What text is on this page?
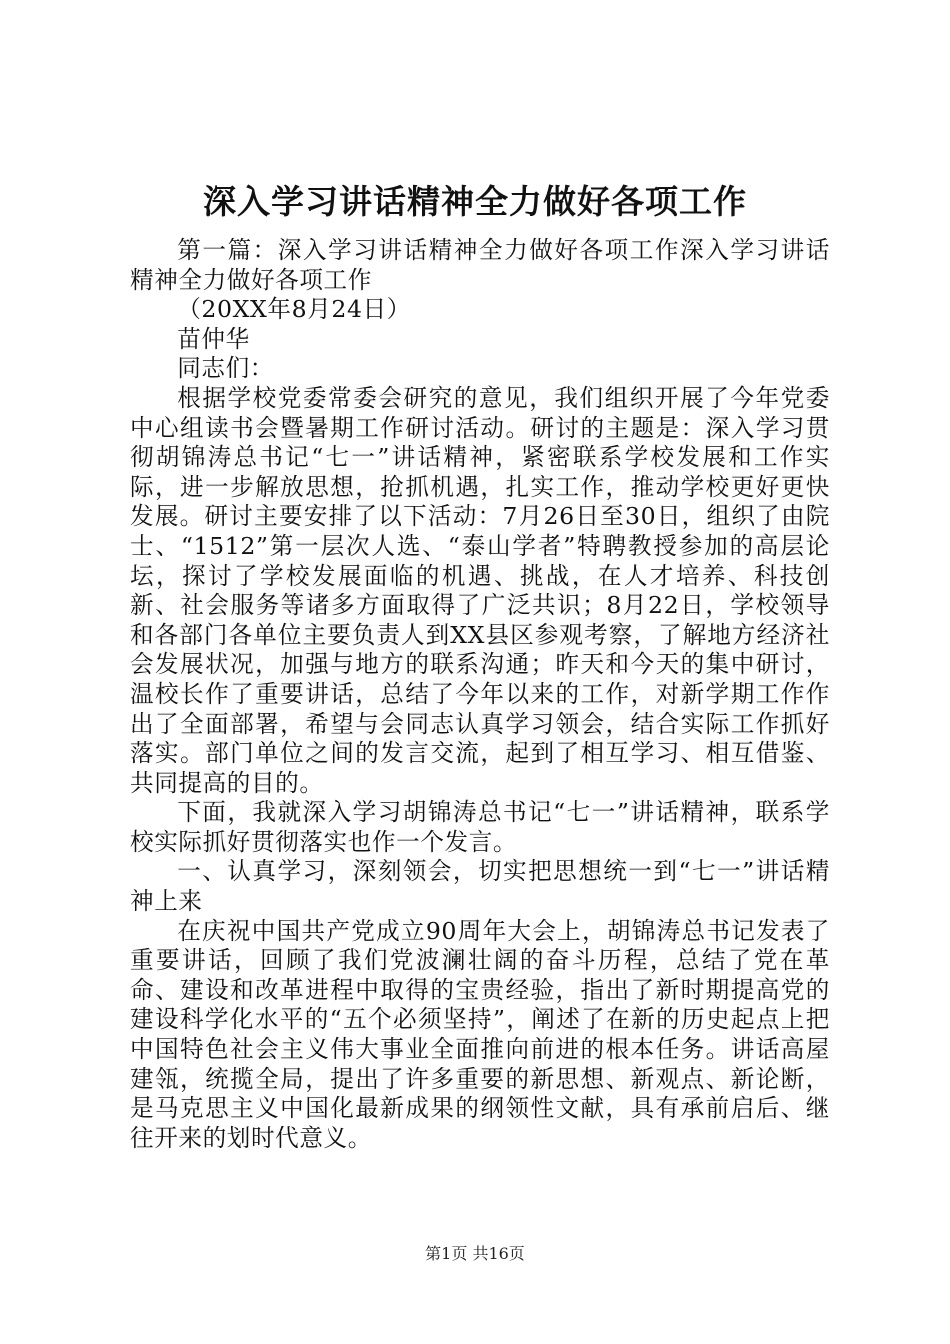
深入学习讲话精神全力做好各项工作

第一篇：深入学习讲话精神全力做好各项工作深入学习讲话精神全力做好各项工作

（20XX年8月24日）

苗仲华

同志们：

根据学校党委常委会研究的意见，我们组织开展了今年党委中心组读书会暨暑期工作研讨活动。研讨的主题是：深入学习贯彻胡锦涛总书记“七一”讲话精神，紧密联系学校发展和工作实际，进一步解放思想，抢抓机遇，扎实工作，推动学校更好更快发展。研讨主要安排了以下活动：7月26日至30日，组织了由院士、“1512”第一层次人选、“泰山学者”特聘教授参加的高层论坛，探讨了学校发展面临的机遇、挑战，在人才培养、科技创新、社会服务等诸多方面取得了广泛共识；8月22日，学校领导和各部门各单位主要负责人到XX县区参观考察，了解地方经济社会发展状况，加强与地方的联系沟通；昨天和今天的集中研讨，温校长作了重要讲话，总结了今年以来的工作，对新学期工作作出了全面部署，希望与会同志认真学习领会，结合实际工作抓好落实。部门单位之间的发言交流，起到了相互学习、相互借鉴、共同提高的目的。

下面，我就深入学习胡锦涛总书记“七一”讲话精神，联系学校实际抓好贯彻落实也作一个发言。

一、认真学习，深刻领会，切实把思想统一到“七一”讲话精神上来

在庆祝中国共产党成立90周年大会上，胡锦涛总书记发表了重要讲话，回顾了我们党波澜壮阔的奋斗历程，总结了党在革命、建设和改革进程中取得的宝贵经验，指出了新时期提高党的建设科学化水平的“五个必须坚持”，阐述了在新的历史起点上把中国特色社会主义伟大事业全面推向前进的根本任务。讲话高屋建瓴，统揽全局，提出了许多重要的新思想、新观点、新论断，是马克思主义中国化最新成果的纲领性文献，具有承前启后、继往开来的划时代意义。

第1页 共16页
